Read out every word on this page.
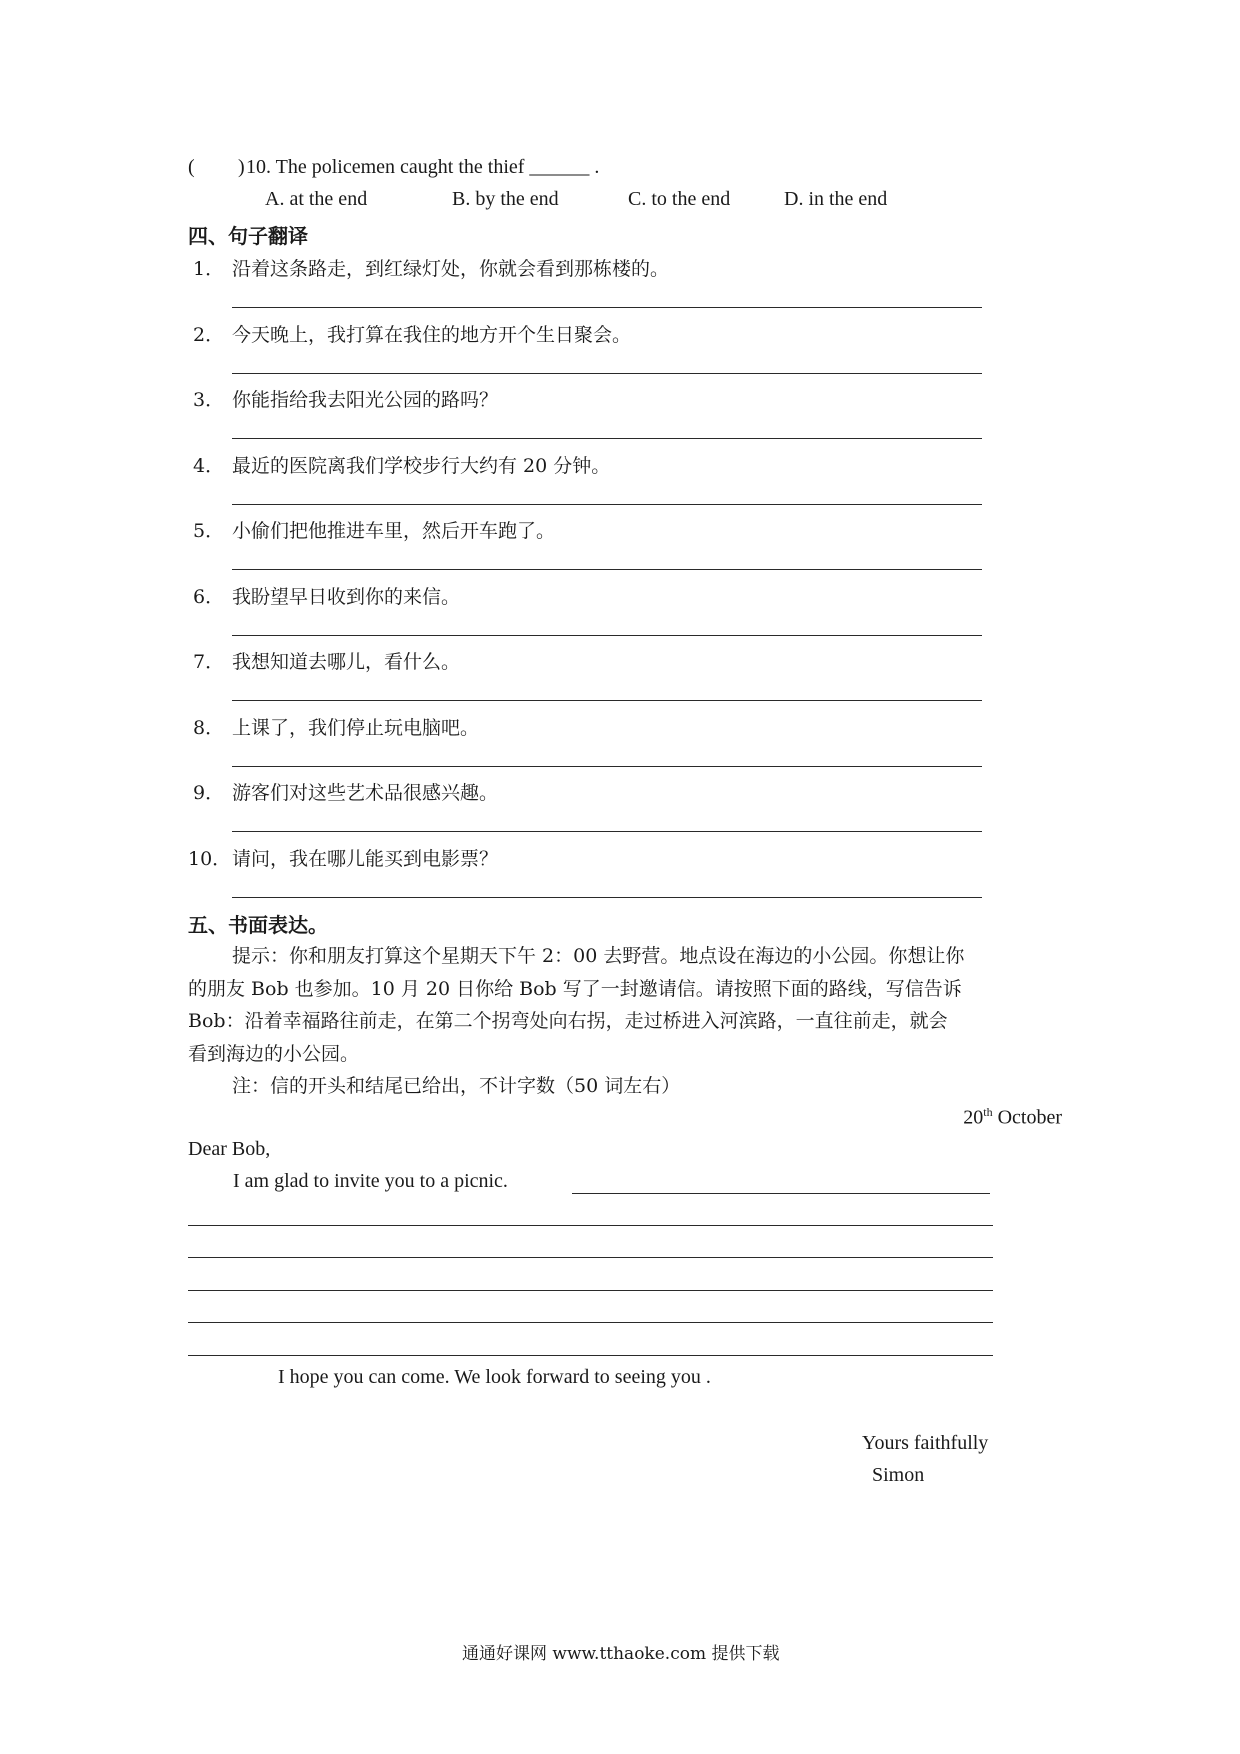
( ) 10. The policemen caught the thief ______ .
A. at the end	B. by the end	C. to the end	D. in the end
四、句子翻译
1． 沿着这条路走，到红绿灯处，你就会看到那栋楼的。
2． 今天晚上，我打算在我住的地方开个生日聚会。
3． 你能指给我去阳光公园的路吗？
4． 最近的医院离我们学校步行大约有 20 分钟。
5． 小偷们把他推进车里，然后开车跑了。
6． 我盼望早日收到你的来信。
7． 我想知道去哪儿，看什么。
8． 上课了，我们停止玩电脑吧。
9． 游客们对这些艺术品很感兴趣。
10． 请问，我在哪儿能买到电影票？
五、书面表达。
提示：你和朋友打算这个星期天下午 2：00 去野营。地点设在海边的小公园。你想让你
的朋友 Bob 也参加。10 月 20 日你给 Bob 写了一封邀请信。请按照下面的路线，写信告诉
Bob：沿着幸福路往前走，在第二个拐弯处向右拐，走过桥进入河滨路，一直往前走，就会
看到海边的小公园。
注：信的开头和结尾已给出，不计字数（50 词左右）
20th October
Dear Bob,
I am glad to invite you to a picnic.
I hope you can come. We look forward to seeing you .
Yours faithfully
Simon
通通好课网 www.tthaoke.com 提供下载
